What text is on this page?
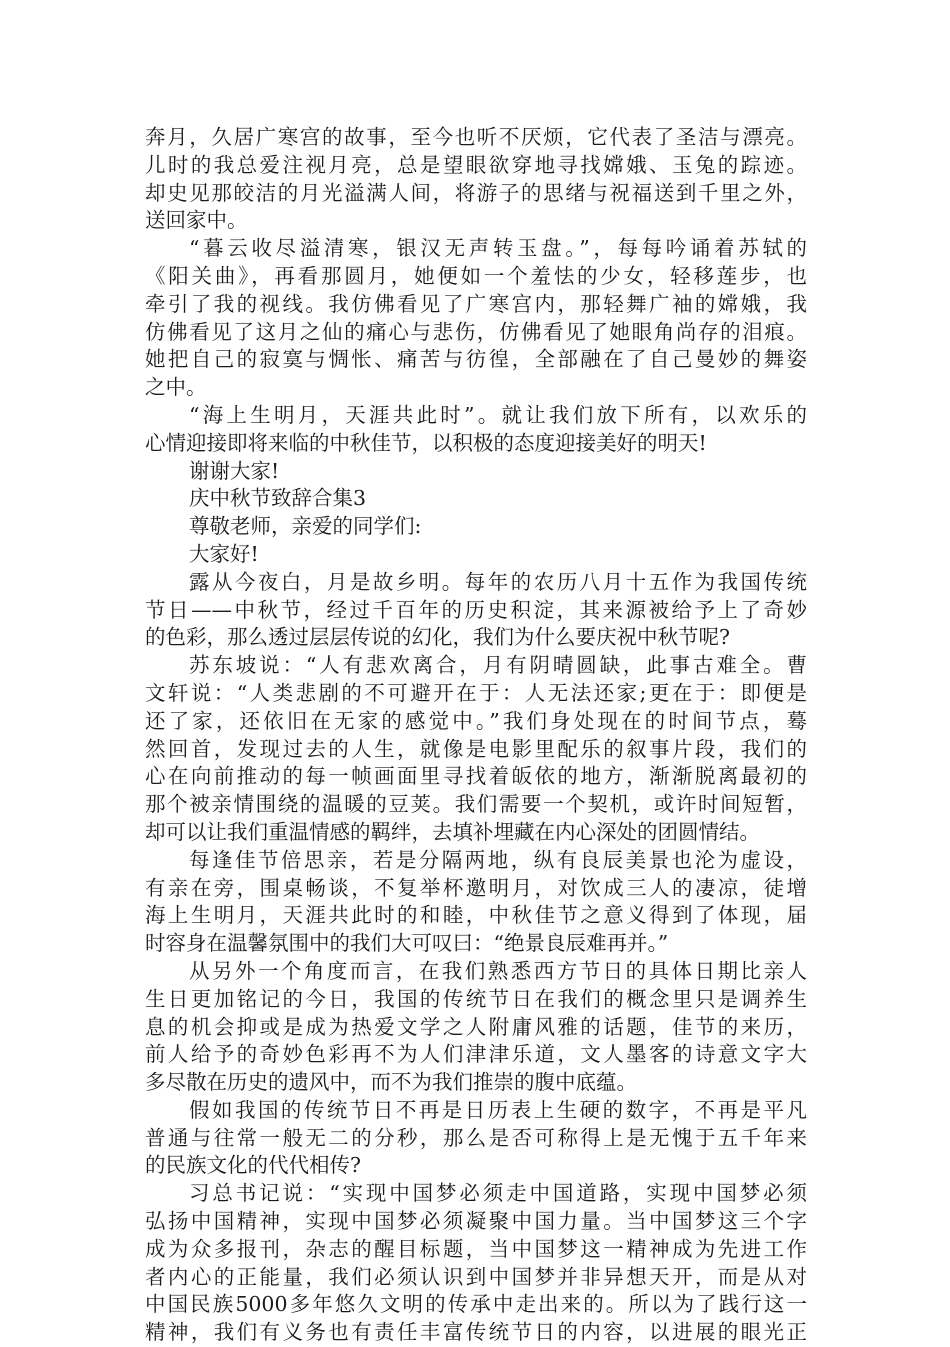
奔月，久居广寒宫的故事，至今也听不厌烦，它代表了圣洁与漂亮。
儿时的我总爱注视月亮，总是望眼欲穿地寻找嫦娥、玉兔的踪迹。
却史见那皎洁的月光溢满人间，将游子的思绪与祝福送到千里之外，
送回家中。
“暮云收尽溢清寒，银汉无声转玉盘。”，每每吟诵着苏轼的
《阳关曲》，再看那圆月，她便如一个羞怯的少女，轻移莲步，也
牵引了我的视线。我仿佛看见了广寒宫内，那轻舞广袖的嫦娥，我
仿佛看见了这月之仙的痛心与悲伤，仿佛看见了她眼角尚存的泪痕。
她把自己的寂寞与惆怅、痛苦与彷徨，全部融在了自己曼妙的舞姿
之中。
“海上生明月，天涯共此时”。就让我们放下所有，以欢乐的
心情迎接即将来临的中秋佳节，以积极的态度迎接美好的明天!
谢谢大家!
庆中秋节致辞合集3
尊敬老师，亲爱的同学们:
大家好!
露从今夜白，月是故乡明。每年的农历八月十五作为我国传统
节日——中秋节，经过千百年的历史积淀，其来源被给予上了奇妙
的色彩，那么透过层层传说的幻化，我们为什么要庆祝中秋节呢?
苏东坡说：“人有悲欢离合，月有阴晴圆缺，此事古难全。曹
文轩说：“人类悲剧的不可避开在于：人无法还家;更在于：即便是
还了家，还依旧在无家的感觉中。”我们身处现在的时间节点，蓦
然回首，发现过去的人生，就像是电影里配乐的叙事片段，我们的
心在向前推动的每一帧画面里寻找着皈依的地方，渐渐脱离最初的
那个被亲情围绕的温暖的豆荚。我们需要一个契机，或许时间短暂，
却可以让我们重温情感的羁绊，去填补埋藏在内心深处的团圆情结。
每逢佳节倍思亲，若是分隔两地，纵有良辰美景也沦为虚设，
有亲在旁，围桌畅谈，不复举杯邀明月，对饮成三人的凄凉，徒增
海上生明月，天涯共此时的和睦，中秋佳节之意义得到了体现，届
时容身在温馨氛围中的我们大可叹曰：“绝景良辰难再并。”
从另外一个角度而言，在我们熟悉西方节日的具体日期比亲人
生日更加铭记的今日，我国的传统节日在我们的概念里只是调养生
息的机会抑或是成为热爱文学之人附庸风雅的话题，佳节的来历，
前人给予的奇妙色彩再不为人们津津乐道，文人墨客的诗意文字大
多尽散在历史的遗风中，而不为我们推崇的腹中底蕴。
假如我国的传统节日不再是日历表上生硬的数字，不再是平凡
普通与往常一般无二的分秒，那么是否可称得上是无愧于五千年来
的民族文化的代代相传?
习总书记说：“实现中国梦必须走中国道路，实现中国梦必须
弘扬中国精神，实现中国梦必须凝聚中国力量。当中国梦这三个字
成为众多报刊，杂志的醒目标题，当中国梦这一精神成为先进工作
者内心的正能量，我们必须认识到中国梦并非异想天开，而是从对
中国民族5000多年悠久文明的传承中走出来的。所以为了践行这一
精神，我们有义务也有责任丰富传统节日的内容，以进展的眼光正
